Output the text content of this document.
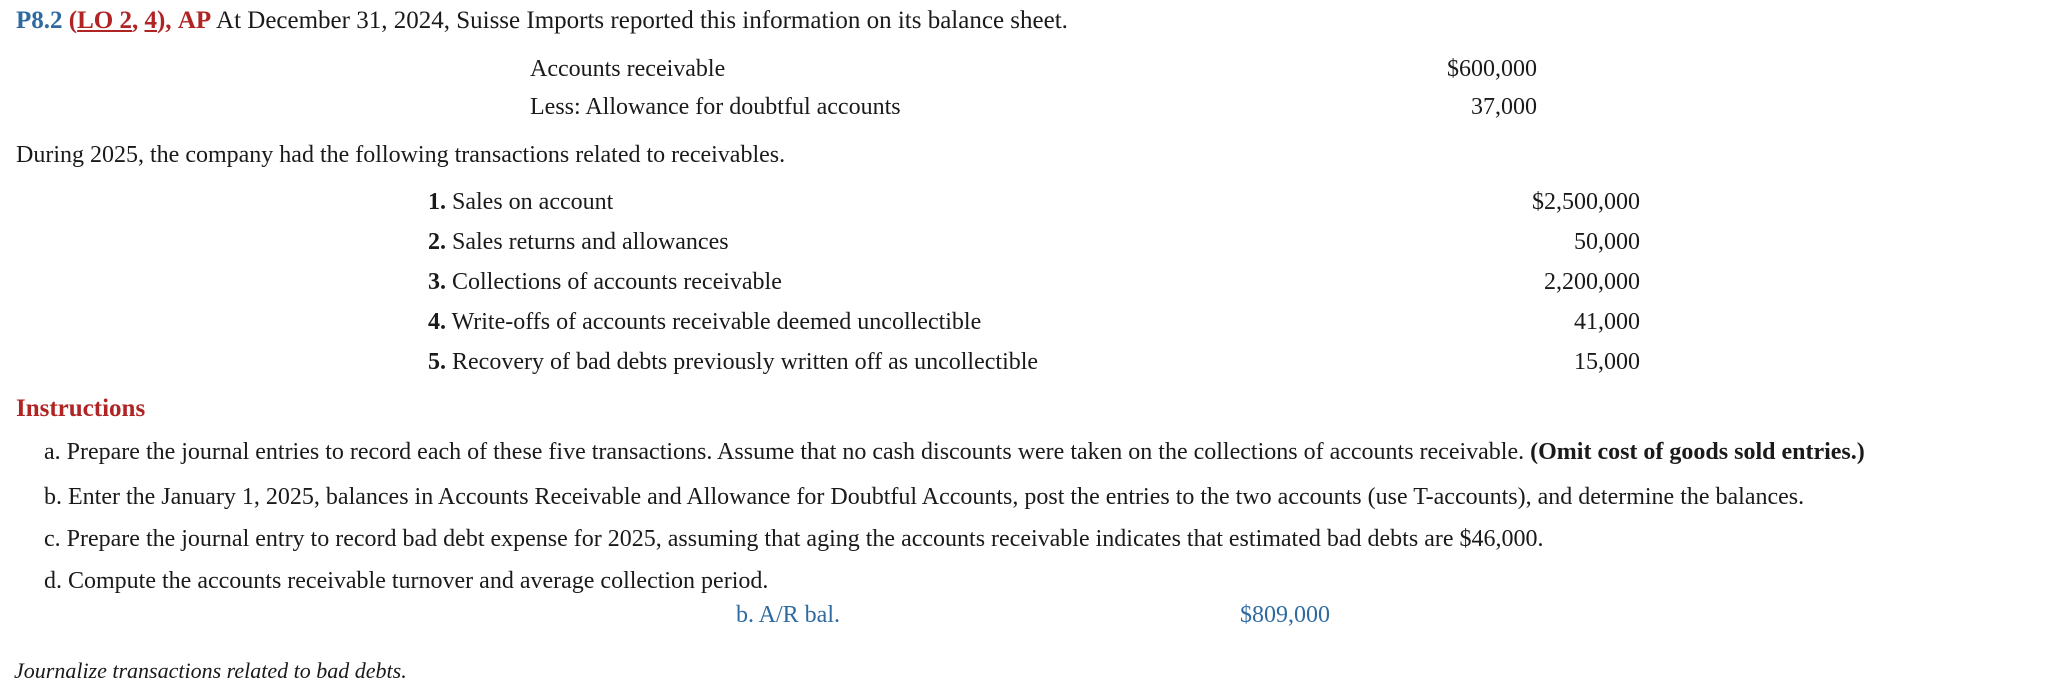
P8.2 (LO 2, 4), AP At December 31, 2024, Suisse Imports reported this information on its balance sheet.
Accounts receivable	$600,000
Less: Allowance for doubtful accounts	37,000
During 2025, the company had the following transactions related to receivables.
1. Sales on account	$2,500,000
2. Sales returns and allowances	50,000
3. Collections of accounts receivable	2,200,000
4. Write-offs of accounts receivable deemed uncollectible	41,000
5. Recovery of bad debts previously written off as uncollectible	15,000
Instructions
a. Prepare the journal entries to record each of these five transactions. Assume that no cash discounts were taken on the collections of accounts receivable. (Omit cost of goods sold entries.)
b. Enter the January 1, 2025, balances in Accounts Receivable and Allowance for Doubtful Accounts, post the entries to the two accounts (use T-accounts), and determine the balances.
c. Prepare the journal entry to record bad debt expense for 2025, assuming that aging the accounts receivable indicates that estimated bad debts are $46,000.
d. Compute the accounts receivable turnover and average collection period.
b. A/R bal.	$809,000
Journalize transactions related to bad debts.
